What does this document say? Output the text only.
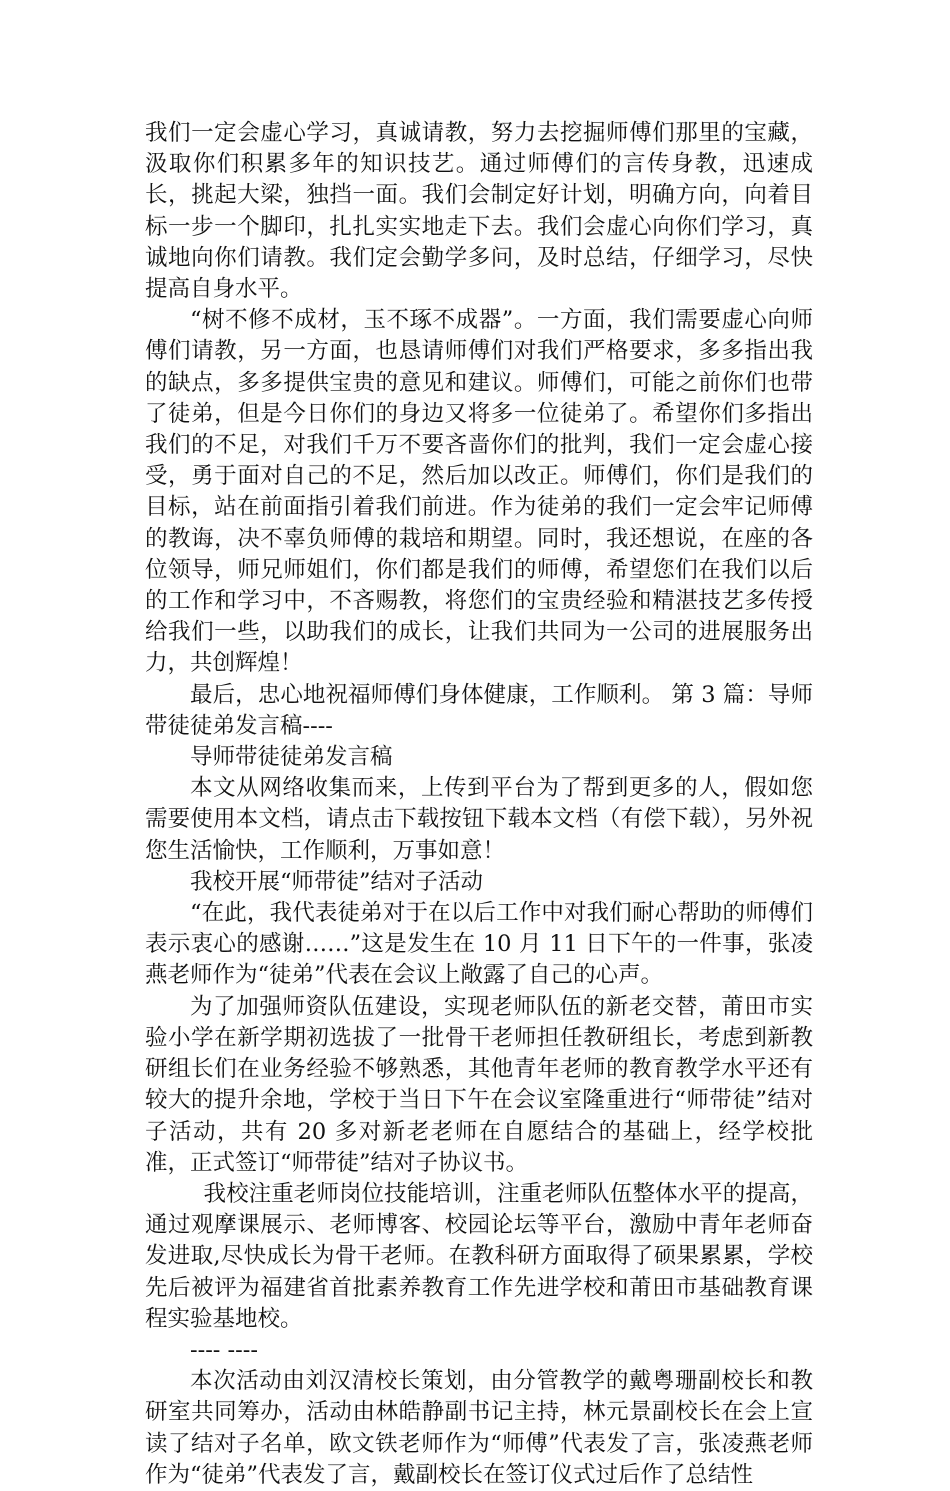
我们一定会虚心学习，真诚请教，努力去挖掘师傅们那里的宝藏，汲取你们积累多年的知识技艺。通过师傅们的言传身教，迅速成长，挑起大梁，独挡一面。我们会制定好计划，明确方向，向着目标一步一个脚印，扎扎实实地走下去。我们会虚心向你们学习，真诚地向你们请教。我们定会勤学多问，及时总结，仔细学习，尽快提高自身水平。

“树不修不成材，玉不琢不成器”。一方面，我们需要虚心向师傅们请教，另一方面，也恳请师傅们对我们严格要求，多多指出我的缺点，多多提供宝贵的意见和建议。师傅们，可能之前你们也带了徒弟，但是今日你们的身边又将多一位徒弟了。希望你们多指出我们的不足，对我们千万不要吝啬你们的批判，我们一定会虚心接受，勇于面对自己的不足，然后加以改正。师傅们，你们是我们的目标，站在前面指引着我们前进。作为徒弟的我们一定会牢记师傅的教诲，决不辜负师傅的栽培和期望。同时，我还想说，在座的各位领导，师兄师姐们，你们都是我们的师傅，希望您们在我们以后的工作和学习中，不吝赐教，将您们的宝贵经验和精湛技艺多传授给我们一些，以助我们的成长，让我们共同为一公司的进展服务出力，共创辉煌！

最后，忠心地祝福师傅们身体健康，工作顺利。 第 3 篇：导师带徒徒弟发言稿----

导师带徒徒弟发言稿

本文从网络收集而来，上传到平台为了帮到更多的人，假如您需要使用本文档，请点击下载按钮下载本文档（有偿下载），另外祝您生活愉快，工作顺利，万事如意！

我校开展“师带徒”结对子活动

“在此，我代表徒弟对于在以后工作中对我们耐心帮助的师傅们表示衷心的感谢……”这是发生在 10 月 11 日下午的一件事，张凌燕老师作为“徒弟”代表在会议上敞露了自己的心声。

为了加强师资队伍建设，实现老师队伍的新老交替，莆田市实验小学在新学期初选拔了一批骨干老师担任教研组长，考虑到新教研组长们在业务经验不够熟悉，其他青年老师的教育教学水平还有较大的提升余地，学校于当日下午在会议室隆重进行“师带徒”结对子活动，共有 20 多对新老老师在自愿结合的基础上，经学校批准，正式签订“师带徒”结对子协议书。

我校注重老师岗位技能培训，注重老师队伍整体水平的提高，通过观摩课展示、老师博客、校园论坛等平台，激励中青年老师奋发进取,尽快成长为骨干老师。在教科研方面取得了硕果累累，学校先后被评为福建省首批素养教育工作先进学校和莆田市基础教育课程实验基地校。

---- ----

本次活动由刘汉清校长策划，由分管教学的戴粤珊副校长和教研室共同筹办，活动由林皓静副书记主持，林元景副校长在会上宣读了结对子名单，欧文铁老师作为“师傅”代表发了言，张凌燕老师作为“徒弟”代表发了言，戴副校长在签订仪式过后作了总结性
